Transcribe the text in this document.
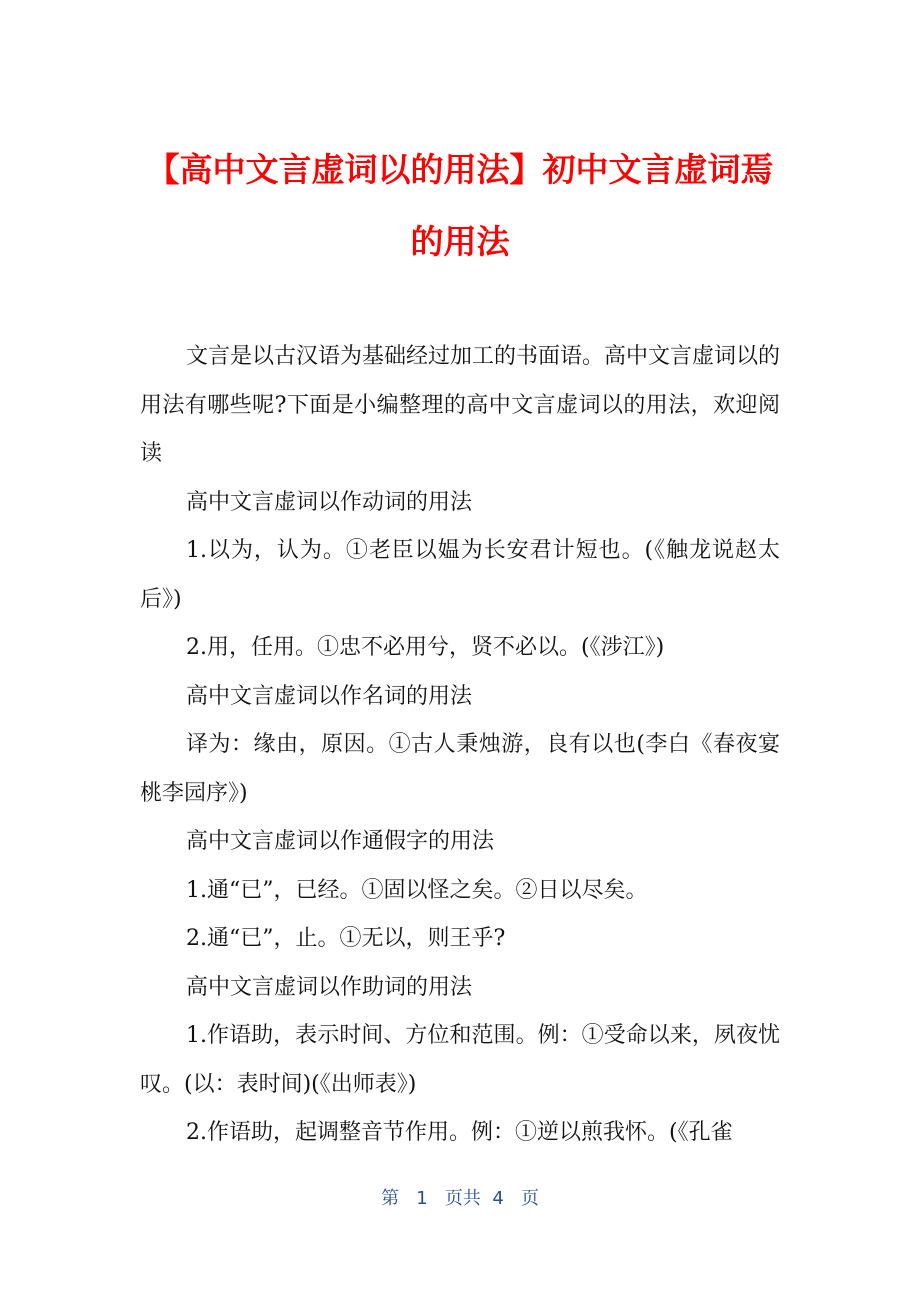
【高中文言虚词以的用法】初中文言虚词焉
的用法

文言是以古汉语为基础经过加工的书面语。高中文言虚词以的用法有哪些呢?下面是小编整理的高中文言虚词以的用法，欢迎阅读

高中文言虚词以作动词的用法

1.以为，认为。①老臣以媪为长安君计短也。(《触龙说赵太后》)

2.用，任用。①忠不必用兮，贤不必以。(《涉江》)

高中文言虚词以作名词的用法

译为：缘由，原因。①古人秉烛游，良有以也(李白《春夜宴桃李园序》)

高中文言虚词以作通假字的用法

1.通“已”，已经。①固以怪之矣。②日以尽矣。

2.通“已”，止。①无以，则王乎?

高中文言虚词以作助词的用法

1.作语助，表示时间、方位和范围。例：①受命以来，夙夜忧叹。(以：表时间)(《出师表》)

2.作语助，起调整音节作用。例：①逆以煎我怀。(《孔雀

第 1 页共 4 页
